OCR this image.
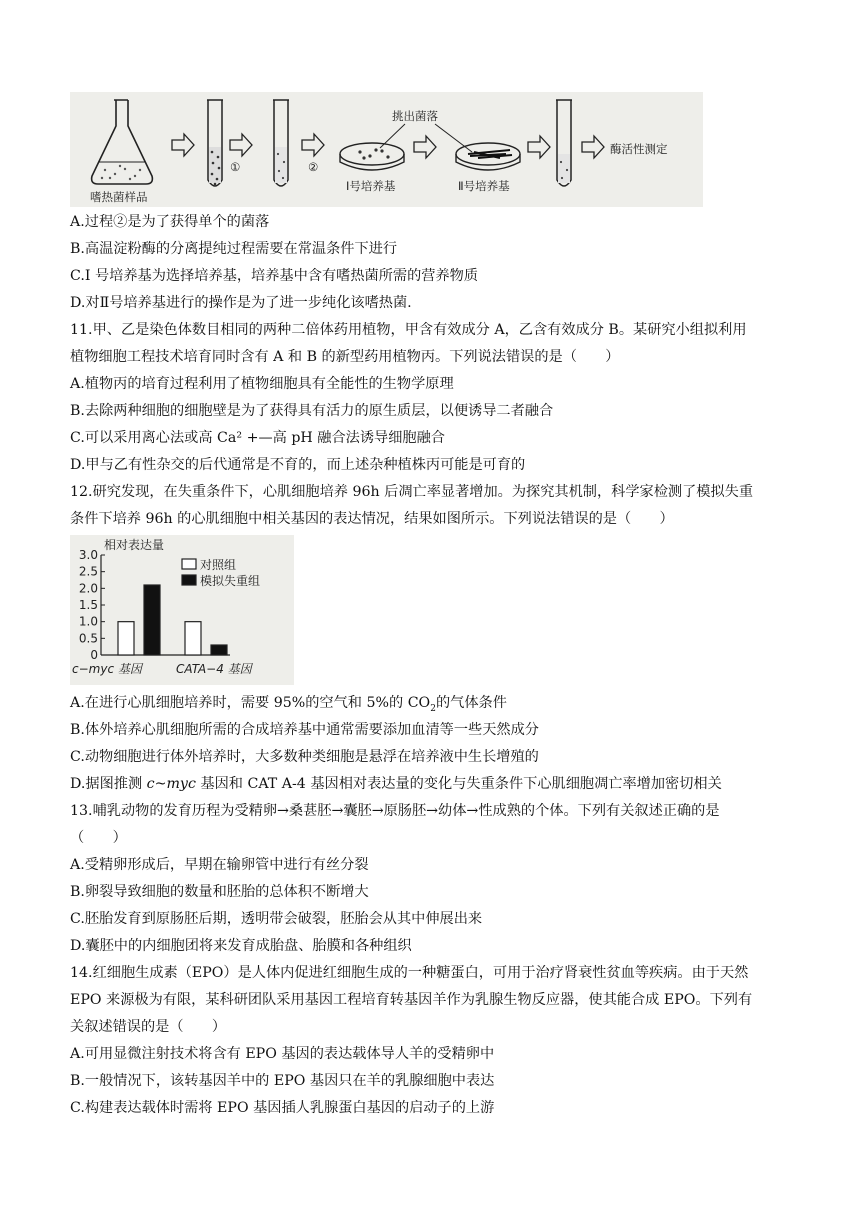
嗜热菌样品
①	②
Ⅰ号培养基
挑出菌落
Ⅱ号培养基
酶活性测定
A.过程②是为了获得单个的菌落
B.高温淀粉酶的分离提纯过程需要在常温条件下进行
C.I 号培养基为选择培养基，培养基中含有嗜热菌所需的营养物质
D.对Ⅱ号培养基进行的操作是为了进一步纯化该嗜热菌.
11.甲、乙是染色体数目相同的两种二倍体药用植物，甲含有效成分 A，乙含有效成分 B。某研究小组拟利用
植物细胞工程技术培育同时含有 A 和 B 的新型药用植物丙。下列说法错误的是（　　）
A.植物丙的培育过程利用了植物细胞具有全能性的生物学原理
B.去除两种细胞的细胞壁是为了获得具有活力的原生质层，以便诱导二者融合
C.可以采用离心法或高 Ca² +—高 pH 融合法诱导细胞融合
D.甲与乙有性杂交的后代通常是不育的，而上述杂种植株丙可能是可育的
12.研究发现，在失重条件下，心肌细胞培养 96h 后凋亡率显著增加。为探究其机制，科学家检测了模拟失重
条件下培养 96h 的心肌细胞中相关基因的表达情况，结果如图所示。下列说法错误的是（　　）
相对表达量
0
0.5
1.0
1.5
2.0
2.5
3.0
c−myc 基因	CATA−4 基因
对照组
模拟失重组
A.在进行心肌细胞培养时，需要 95%的空气和 5%的 $CO_2$的气体条件
B.体外培养心肌细胞所需的合成培养基中通常需要添加血清等一些天然成分
C.动物细胞进行体外培养时，大多数种类细胞是悬浮在培养液中生长增殖的
D.据图推测 c~myc 基因和 CAT A-4 基因相对表达量的变化与失重条件下心肌细胞凋亡率增加密切相关
13.哺乳动物的发育历程为受精卵→桑葚胚→囊胚→原肠胚→幼体→性成熟的个体。下列有关叙述正确的是
（　　）
A.受精卵形成后，早期在输卵管中进行有丝分裂
B.卵裂导致细胞的数量和胚胎的总体积不断增大
C.胚胎发育到原肠胚后期，透明带会破裂，胚胎会从其中伸展出来
D.囊胚中的内细胞团将来发育成胎盘、胎膜和各种组织
14.红细胞生成素（EPO）是人体内促进红细胞生成的一种糖蛋白，可用于治疗肾衰性贫血等疾病。由于天然
EPO 来源极为有限，某科研团队采用基因工程培育转基因羊作为乳腺生物反应器，使其能合成 EPO。下列有
关叙述错误的是（　　）
A.可用显微注射技术将含有 EPO 基因的表达载体导人羊的受精卵中
B.一般情况下，该转基因羊中的 EPO 基因只在羊的乳腺细胞中表达
C.构建表达载体时需将 EPO 基因插人乳腺蛋白基因的启动子的上游
